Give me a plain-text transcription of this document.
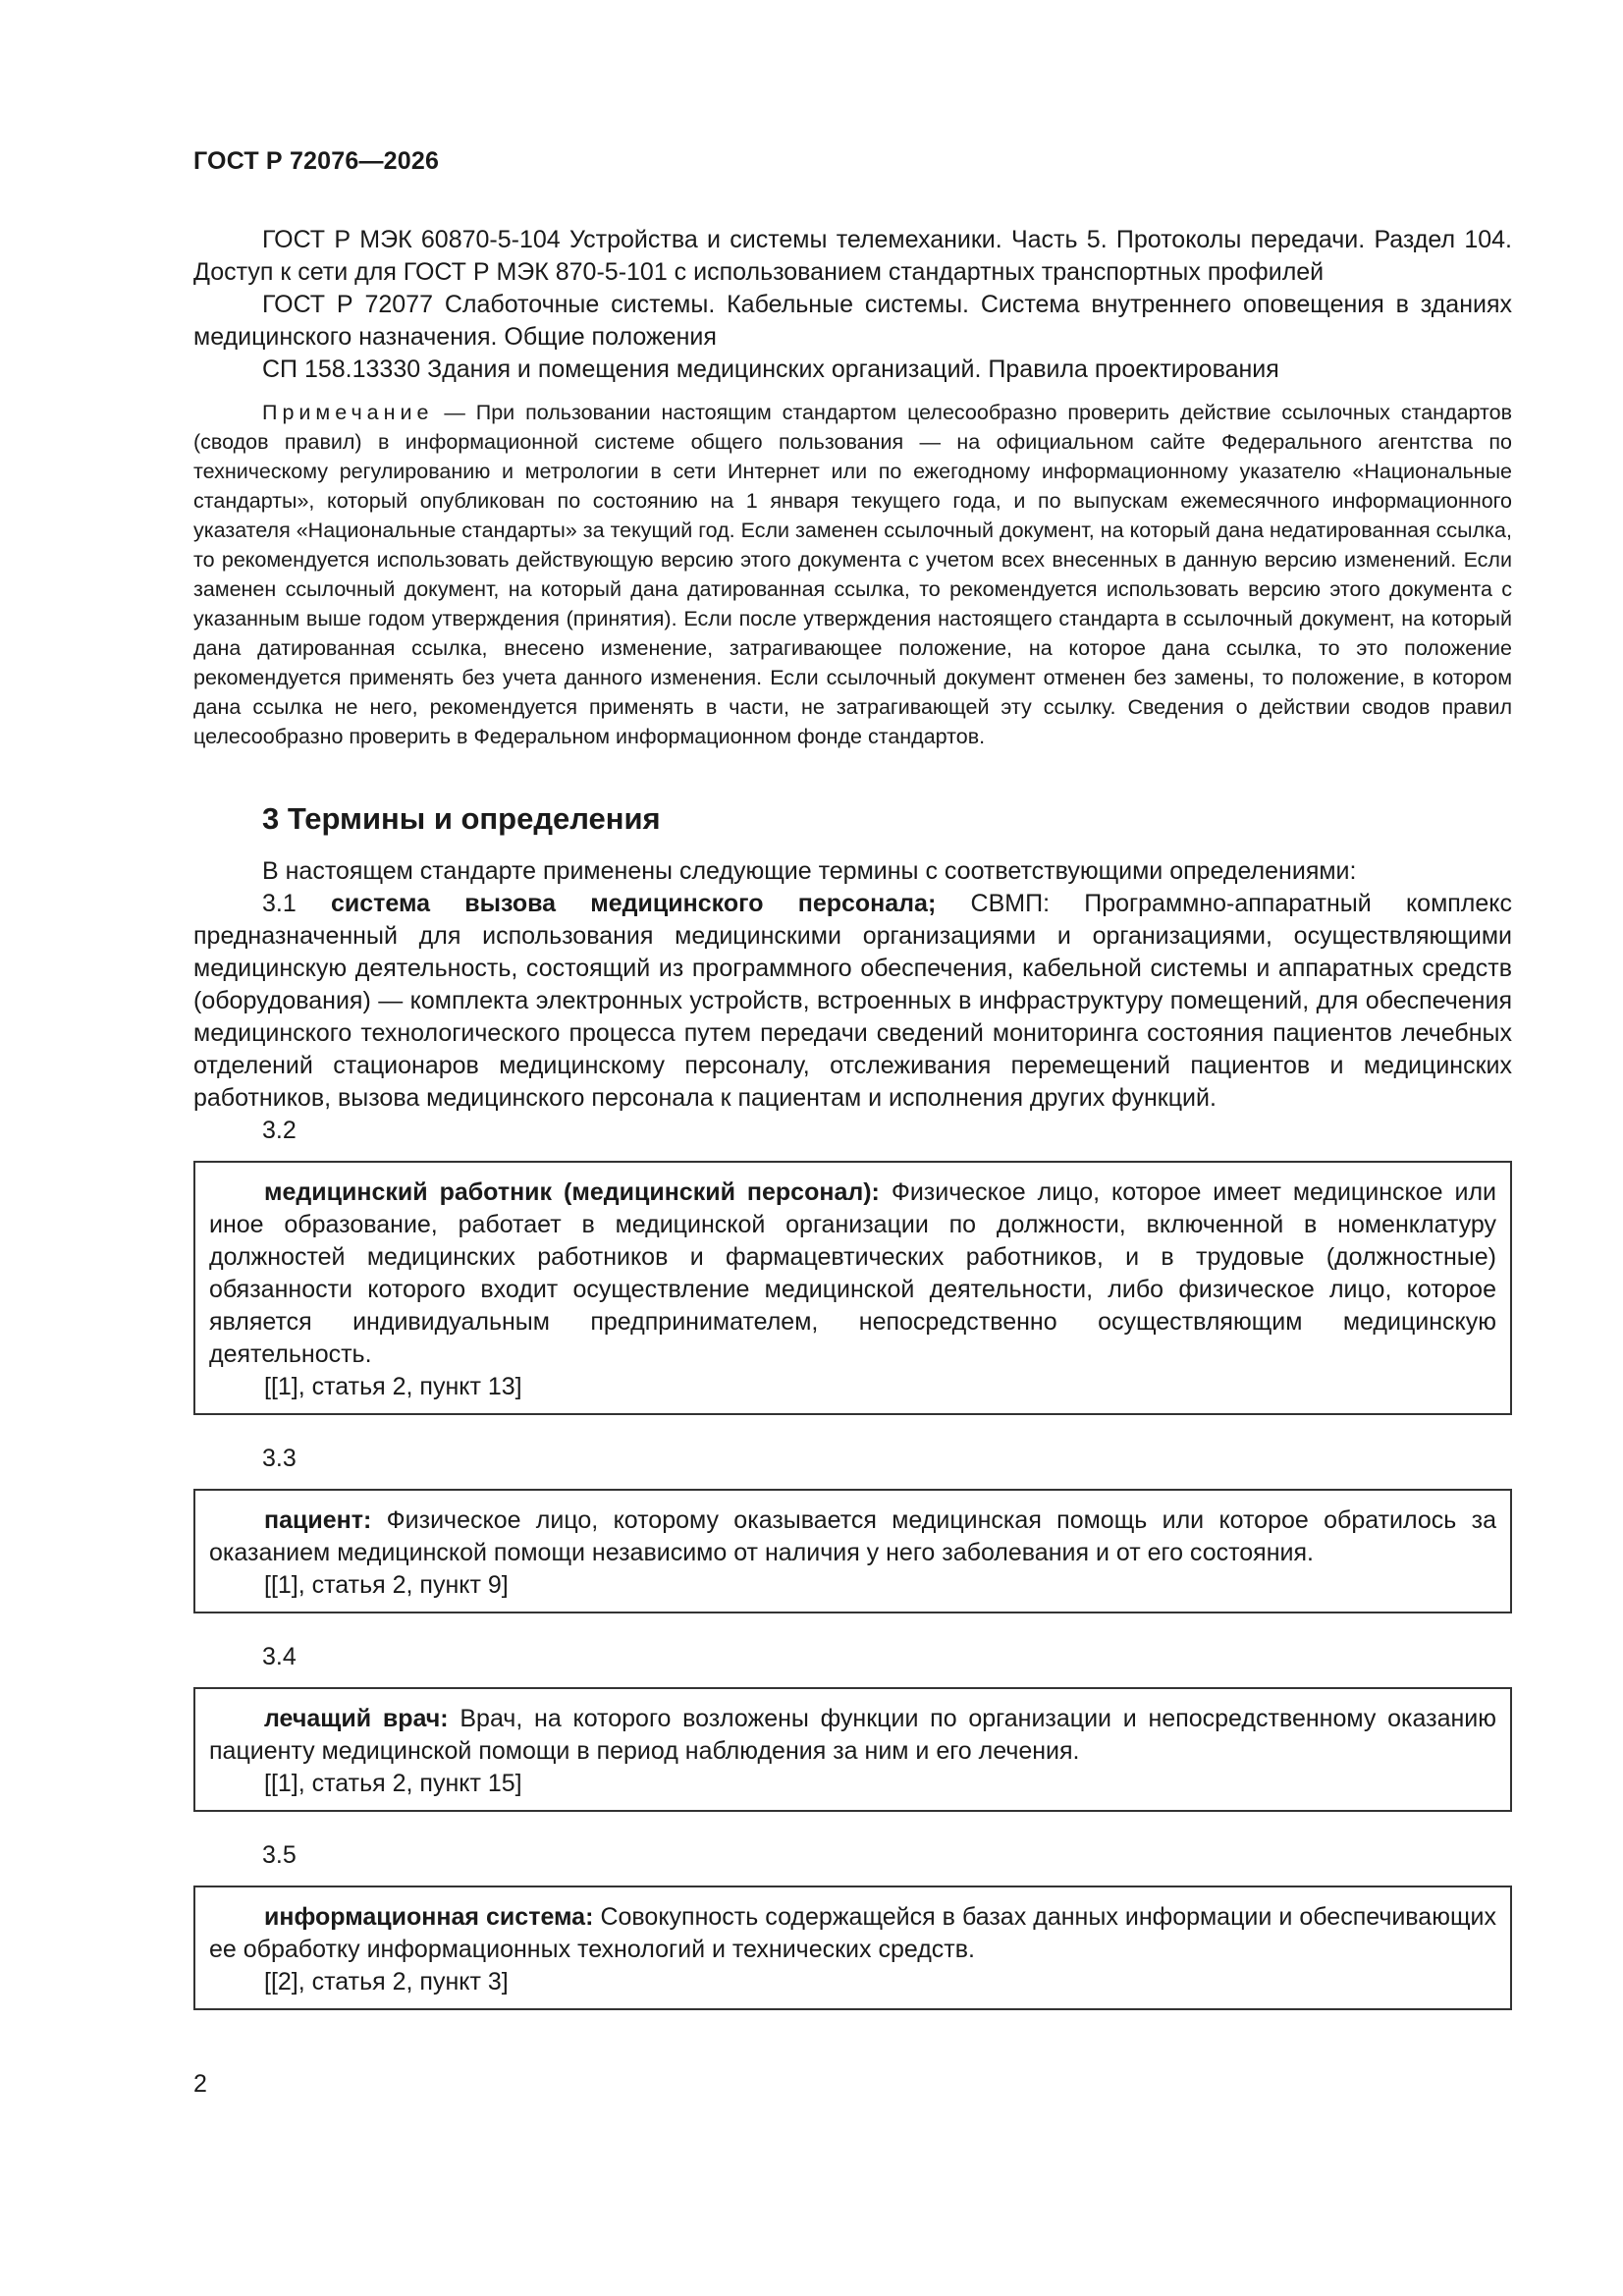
ГОСТ Р 72076—2026

ГОСТ Р МЭК 60870-5-104 Устройства и системы телемеханики. Часть 5. Протоколы передачи. Раздел 104. Доступ к сети для ГОСТ Р МЭК 870-5-101 с использованием стандартных транспортных профилей

ГОСТ Р 72077 Слаботочные системы. Кабельные системы. Система внутреннего оповещения в зданиях медицинского назначения. Общие положения

СП 158.13330 Здания и помещения медицинских организаций. Правила проектирования

Примечание — При пользовании настоящим стандартом целесообразно проверить действие ссылочных стандартов (сводов правил) в информационной системе общего пользования — на официальном сайте Федерального агентства по техническому регулированию и метрологии в сети Интернет или по ежегодному информационному указателю «Национальные стандарты», который опубликован по состоянию на 1 января текущего года, и по выпускам ежемесячного информационного указателя «Национальные стандарты» за текущий год. Если заменен ссылочный документ, на который дана недатированная ссылка, то рекомендуется использовать действующую версию этого документа с учетом всех внесенных в данную версию изменений. Если заменен ссылочный документ, на который дана датированная ссылка, то рекомендуется использовать версию этого документа с указанным выше годом утверждения (принятия). Если после утверждения настоящего стандарта в ссылочный документ, на который дана датированная ссылка, внесено изменение, затрагивающее положение, на которое дана ссылка, то это положение рекомендуется применять без учета данного изменения. Если ссылочный документ отменен без замены, то положение, в котором дана ссылка не него, рекомендуется применять в части, не затрагивающей эту ссылку. Сведения о действии сводов правил целесообразно проверить в Федеральном информационном фонде стандартов.

3 Термины и определения

В настоящем стандарте применены следующие термины с соответствующими определениями:

3.1 система вызова медицинского персонала; СВМП: Программно-аппаратный комплекс предназначенный для использования медицинскими организациями и организациями, осуществляющими медицинскую деятельность, состоящий из программного обеспечения, кабельной системы и аппаратных средств (оборудования) — комплекта электронных устройств, встроенных в инфраструктуру помещений, для обеспечения медицинского технологического процесса путем передачи сведений мониторинга состояния пациентов лечебных отделений стационаров медицинскому персоналу, отслеживания перемещений пациентов и медицинских работников, вызова медицинского персонала к пациентам и исполнения других функций.

3.2

медицинский работник (медицинский персонал): Физическое лицо, которое имеет медицинское или иное образование, работает в медицинской организации по должности, включенной в номенклатуру должностей медицинских работников и фармацевтических работников, и в трудовые (должностные) обязанности которого входит осуществление медицинской деятельности, либо физическое лицо, которое является индивидуальным предпринимателем, непосредственно осуществляющим медицинскую деятельность.

[[1], статья 2, пункт 13]

3.3

пациент: Физическое лицо, которому оказывается медицинская помощь или которое обратилось за оказанием медицинской помощи независимо от наличия у него заболевания и от его состояния.

[[1], статья 2, пункт 9]

3.4

лечащий врач: Врач, на которого возложены функции по организации и непосредственному оказанию пациенту медицинской помощи в период наблюдения за ним и его лечения.

[[1], статья 2, пункт 15]

3.5

информационная система: Совокупность содержащейся в базах данных информации и обеспечивающих ее обработку информационных технологий и технических средств.

[[2], статья 2, пункт 3]

2
